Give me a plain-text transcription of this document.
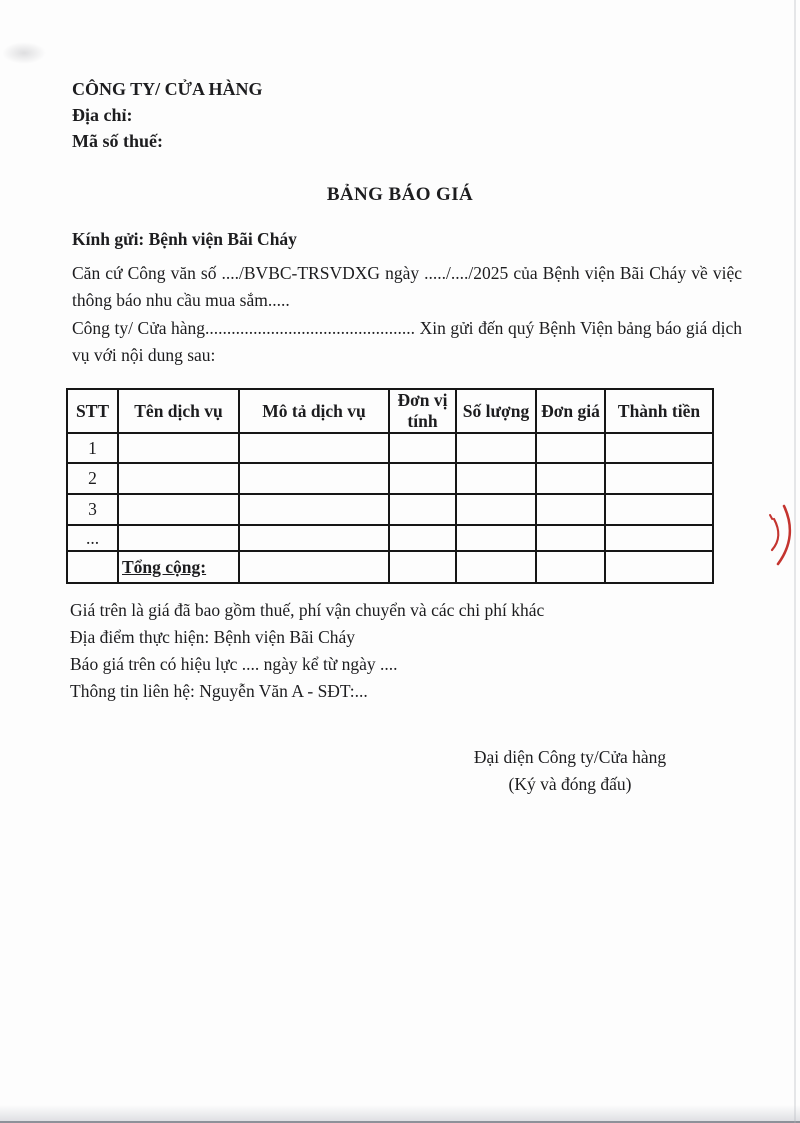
CÔNG TY/ CỬA HÀNG
Địa chỉ:
Mã số thuế:
BẢNG BÁO GIÁ
Kính gửi: Bệnh viện Bãi Cháy
Căn cứ Công văn số ..../BVBC-TRSVDXG ngày ...../..../2025 của Bệnh viện Bãi Cháy về việc thông báo nhu cầu mua sắm.....
Công ty/ Cửa hàng................................................ Xin gửi đến quý Bệnh Viện bảng báo giá dịch vụ với nội dung sau:
STT	Tên dịch vụ	Mô tả dịch vụ	Đơn vị tính	Số lượng	Đơn giá	Thành tiền
1						
2						
3						
...						
	Tổng cộng:					
Giá trên là giá đã bao gồm thuế, phí vận chuyển và các chi phí khác
Địa điểm thực hiện: Bệnh viện Bãi Cháy
Báo giá trên có hiệu lực .... ngày kể từ ngày ....
Thông tin liên hệ: Nguyễn Văn A - SĐT:...
Đại diện Công ty/Cửa hàng
(Ký và đóng đấu)
